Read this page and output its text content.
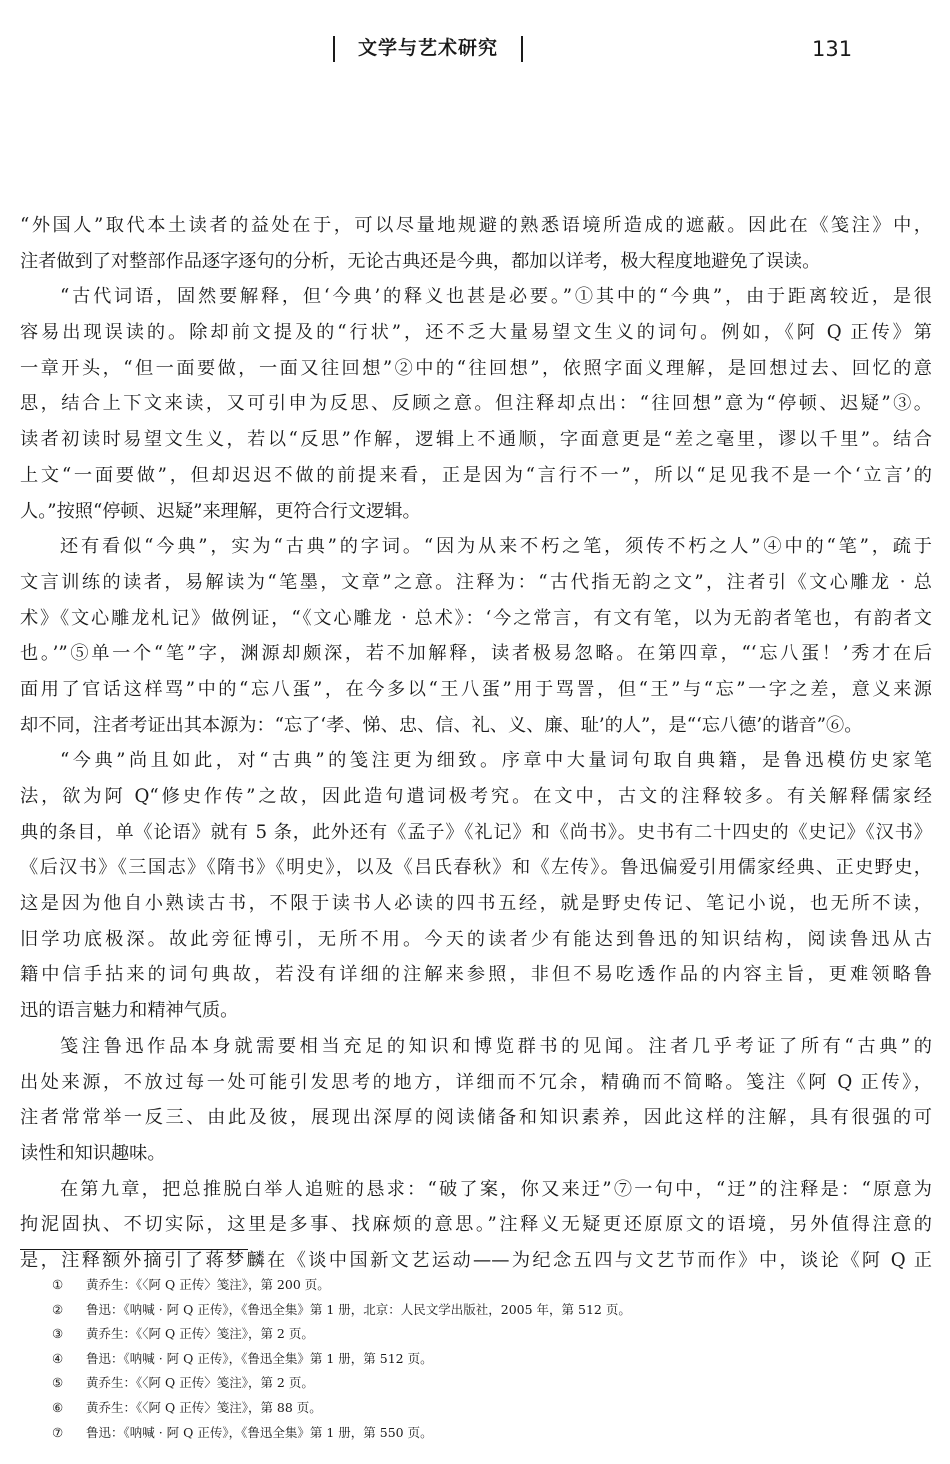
文学与艺术研究	131
“外国人”取代本土读者的益处在于，可以尽量地规避的熟悉语境所造成的遮蔽。因此在《笺注》中，
注者做到了对整部作品逐字逐句的分析，无论古典还是今典，都加以详考，极大程度地避免了误读。
“古代词语，固然要解释，但‘今典’的释义也甚是必要。”①其中的“今典”，由于距离较近，是很
容易出现误读的。除却前文提及的“行状”，还不乏大量易望文生义的词句。例如，《阿 Q 正传》第
一章开头，“但一面要做，一面又往回想”②中的“往回想”，依照字面义理解，是回想过去、回忆的意
思，结合上下文来读，又可引申为反思、反顾之意。但注释却点出：“往回想”意为“停顿、迟疑”③。
读者初读时易望文生义，若以“反思”作解，逻辑上不通顺，字面意更是“差之毫里，谬以千里”。结合
上文“一面要做”，但却迟迟不做的前提来看，正是因为“言行不一”，所以“足见我不是一个‘立言’的
人。”按照“停顿、迟疑”来理解，更符合行文逻辑。
还有看似“今典”，实为“古典”的字词。“因为从来不朽之笔，须传不朽之人”④中的“笔”，疏于
文言训练的读者，易解读为“笔墨，文章”之意。注释为：“古代指无韵之文”，注者引《文心雕龙 · 总
术》《文心雕龙札记》做例证，“《文心雕龙 · 总术》：‘今之常言，有文有笔，以为无韵者笔也，有韵者文
也。’”⑤单一个“笔”字，渊源却颇深，若不加解释，读者极易忽略。在第四章，“‘忘八蛋！’秀才在后
面用了官话这样骂”中的“忘八蛋”，在今多以“王八蛋”用于骂詈，但“王”与“忘”一字之差，意义来源
却不同，注者考证出其本源为：“忘了‘孝、悌、忠、信、礼、义、廉、耻’的人”，是“‘忘八德’的谐音”⑥。
“今典”尚且如此，对“古典”的笺注更为细致。序章中大量词句取自典籍，是鲁迅模仿史家笔
法，欲为阿 Q“修史作传”之故，因此造句遣词极考究。在文中，古文的注释较多。有关解释儒家经
典的条目，单《论语》就有 5 条，此外还有《孟子》《礼记》和《尚书》。史书有二十四史的《史记》《汉书》
《后汉书》《三国志》《隋书》《明史》，以及《吕氏春秋》和《左传》。鲁迅偏爱引用儒家经典、正史野史，
这是因为他自小熟读古书，不限于读书人必读的四书五经，就是野史传记、笔记小说，也无所不读，
旧学功底极深。故此旁征博引，无所不用。今天的读者少有能达到鲁迅的知识结构，阅读鲁迅从古
籍中信手拈来的词句典故，若没有详细的注解来参照，非但不易吃透作品的内容主旨，更难领略鲁
迅的语言魅力和精神气质。
笺注鲁迅作品本身就需要相当充足的知识和博览群书的见闻。注者几乎考证了所有“古典”的
出处来源，不放过每一处可能引发思考的地方，详细而不冗余，精确而不简略。笺注《阿 Q 正传》，
注者常常举一反三、由此及彼，展现出深厚的阅读储备和知识素养，因此这样的注解，具有很强的可
读性和知识趣味。
在第九章，把总推脱白举人追赃的恳求：“破了案，你又来迂”⑦一句中，“迂”的注释是：“原意为
拘泥固执、不切实际，这里是多事、找麻烦的意思。”注释义无疑更还原原文的语境，另外值得注意的
是，注释额外摘引了蒋梦麟在《谈中国新文艺运动——为纪念五四与文艺节而作》中，谈论《阿 Q 正
① 黄乔生：《〈阿 Q 正传〉笺注》，第 200 页。
② 鲁迅：《呐喊 · 阿 Q 正传》，《鲁迅全集》第 1 册，北京：人民文学出版社，2005 年，第 512 页。
③ 黄乔生：《〈阿 Q 正传〉笺注》，第 2 页。
④ 鲁迅：《呐喊 · 阿 Q 正传》，《鲁迅全集》第 1 册，第 512 页。
⑤ 黄乔生：《〈阿 Q 正传〉笺注》，第 2 页。
⑥ 黄乔生：《〈阿 Q 正传〉笺注》，第 88 页。
⑦ 鲁迅：《呐喊 · 阿 Q 正传》，《鲁迅全集》第 1 册，第 550 页。
